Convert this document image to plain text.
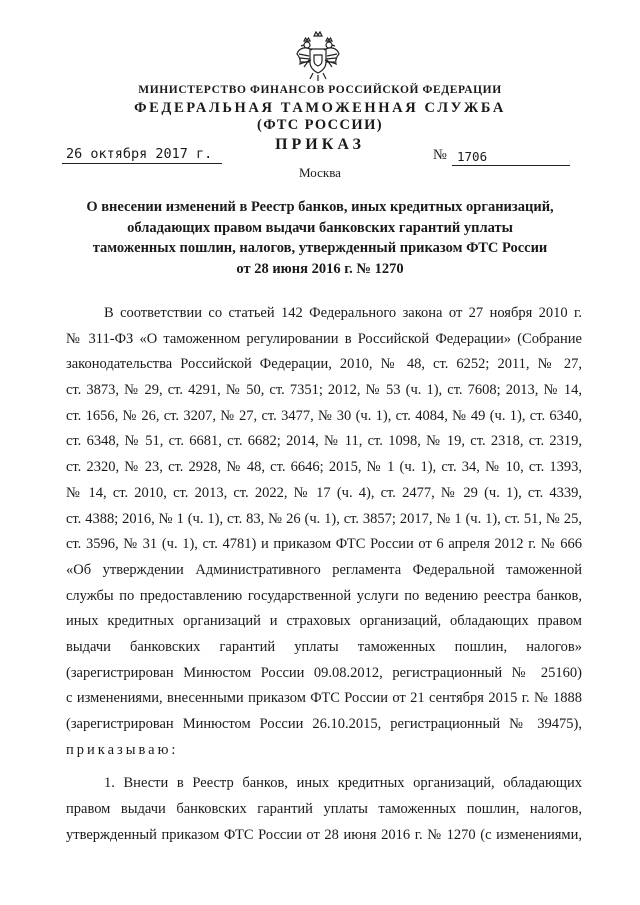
МИНИСТЕРСТВО ФИНАНСОВ РОССИЙСКОЙ ФЕДЕРАЦИИ
ФЕДЕРАЛЬНАЯ ТАМОЖЕННАЯ СЛУЖБА
(ФТС РОССИИ)
ПРИКАЗ
26 октября 2017 г.	№ 1706
Москва
О внесении изменений в Реестр банков, иных кредитных организаций,
обладающих правом выдачи банковских гарантий уплаты
таможенных пошлин, налогов, утвержденный приказом ФТС России
от 28 июня 2016 г. № 1270
В соответствии со статьей 142 Федерального закона от 27 ноября 2010 г.
№ 311-ФЗ «О таможенном регулировании в Российской Федерации» (Собрание
законодательства Российской Федерации, 2010, № 48, ст. 6252; 2011, № 27,
ст. 3873, № 29, ст. 4291, № 50, ст. 7351; 2012, № 53 (ч. 1), ст. 7608; 2013, № 14,
ст. 1656, № 26, ст. 3207, № 27, ст. 3477, № 30 (ч. 1), ст. 4084, № 49 (ч. 1), ст. 6340,
ст. 6348, № 51, ст. 6681, ст. 6682; 2014, № 11, ст. 1098, № 19, ст. 2318, ст. 2319,
ст. 2320, № 23, ст. 2928, № 48, ст. 6646; 2015, № 1 (ч. 1), ст. 34, № 10, ст. 1393,
№ 14, ст. 2010, ст. 2013, ст. 2022, № 17 (ч. 4), ст. 2477, № 29 (ч. 1), ст. 4339,
ст. 4388; 2016, № 1 (ч. 1), ст. 83, № 26 (ч. 1), ст. 3857; 2017, № 1 (ч. 1), ст. 51, № 25,
ст. 3596, № 31 (ч. 1), ст. 4781) и приказом ФТС России от 6 апреля 2012 г. № 666
«Об утверждении Административного регламента Федеральной таможенной
службы по предоставлению государственной услуги по ведению реестра банков,
иных кредитных организаций и страховых организаций, обладающих правом
выдачи банковских гарантий уплаты таможенных пошлин, налогов»
(зарегистрирован Минюстом России 09.08.2012, регистрационный № 25160)
с изменениями, внесенными приказом ФТС России от 21 сентября 2015 г. № 1888
(зарегистрирован Минюстом России 26.10.2015, регистрационный № 39475),
приказываю:
1. Внести в Реестр банков, иных кредитных организаций, обладающих
правом выдачи банковских гарантий уплаты таможенных пошлин, налогов,
утвержденный приказом ФТС России от 28 июня 2016 г. № 1270 (с изменениями,
